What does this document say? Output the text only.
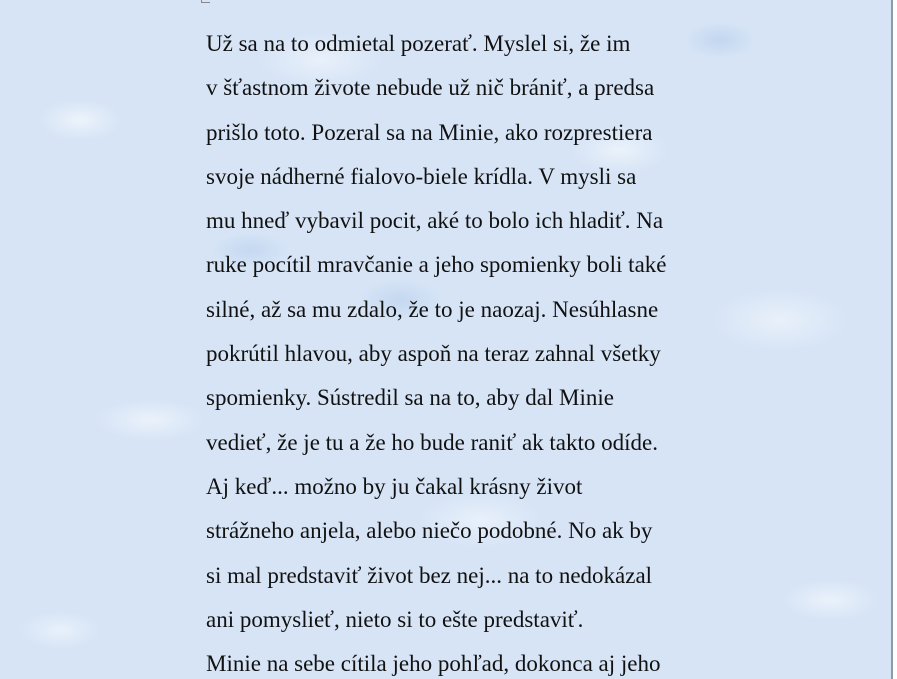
Už sa na to odmietal pozerať. Myslel si, že im
v šťastnom živote nebude už nič brániť, a predsa
prišlo toto. Pozeral sa na Minie, ako rozprestiera
svoje nádherné fialovo-biele krídla. V mysli sa
mu hneď vybavil pocit, aké to bolo ich hladiť. Na
ruke pocítil mravčanie a jeho spomienky boli také
silné, až sa mu zdalo, že to je naozaj. Nesúhlasne
pokrútil hlavou, aby aspoň na teraz zahnal všetky
spomienky. Sústredil sa na to, aby dal Minie
vedieť, že je tu a že ho bude raniť ak takto odíde.
Aj keď... možno by ju čakal krásny život
strážneho anjela, alebo niečo podobné. No ak by
si mal predstaviť život bez nej... na to nedokázal
ani pomyslieť, nieto si to ešte predstaviť.
Minie na sebe cítila jeho pohľad, dokonca aj jeho
